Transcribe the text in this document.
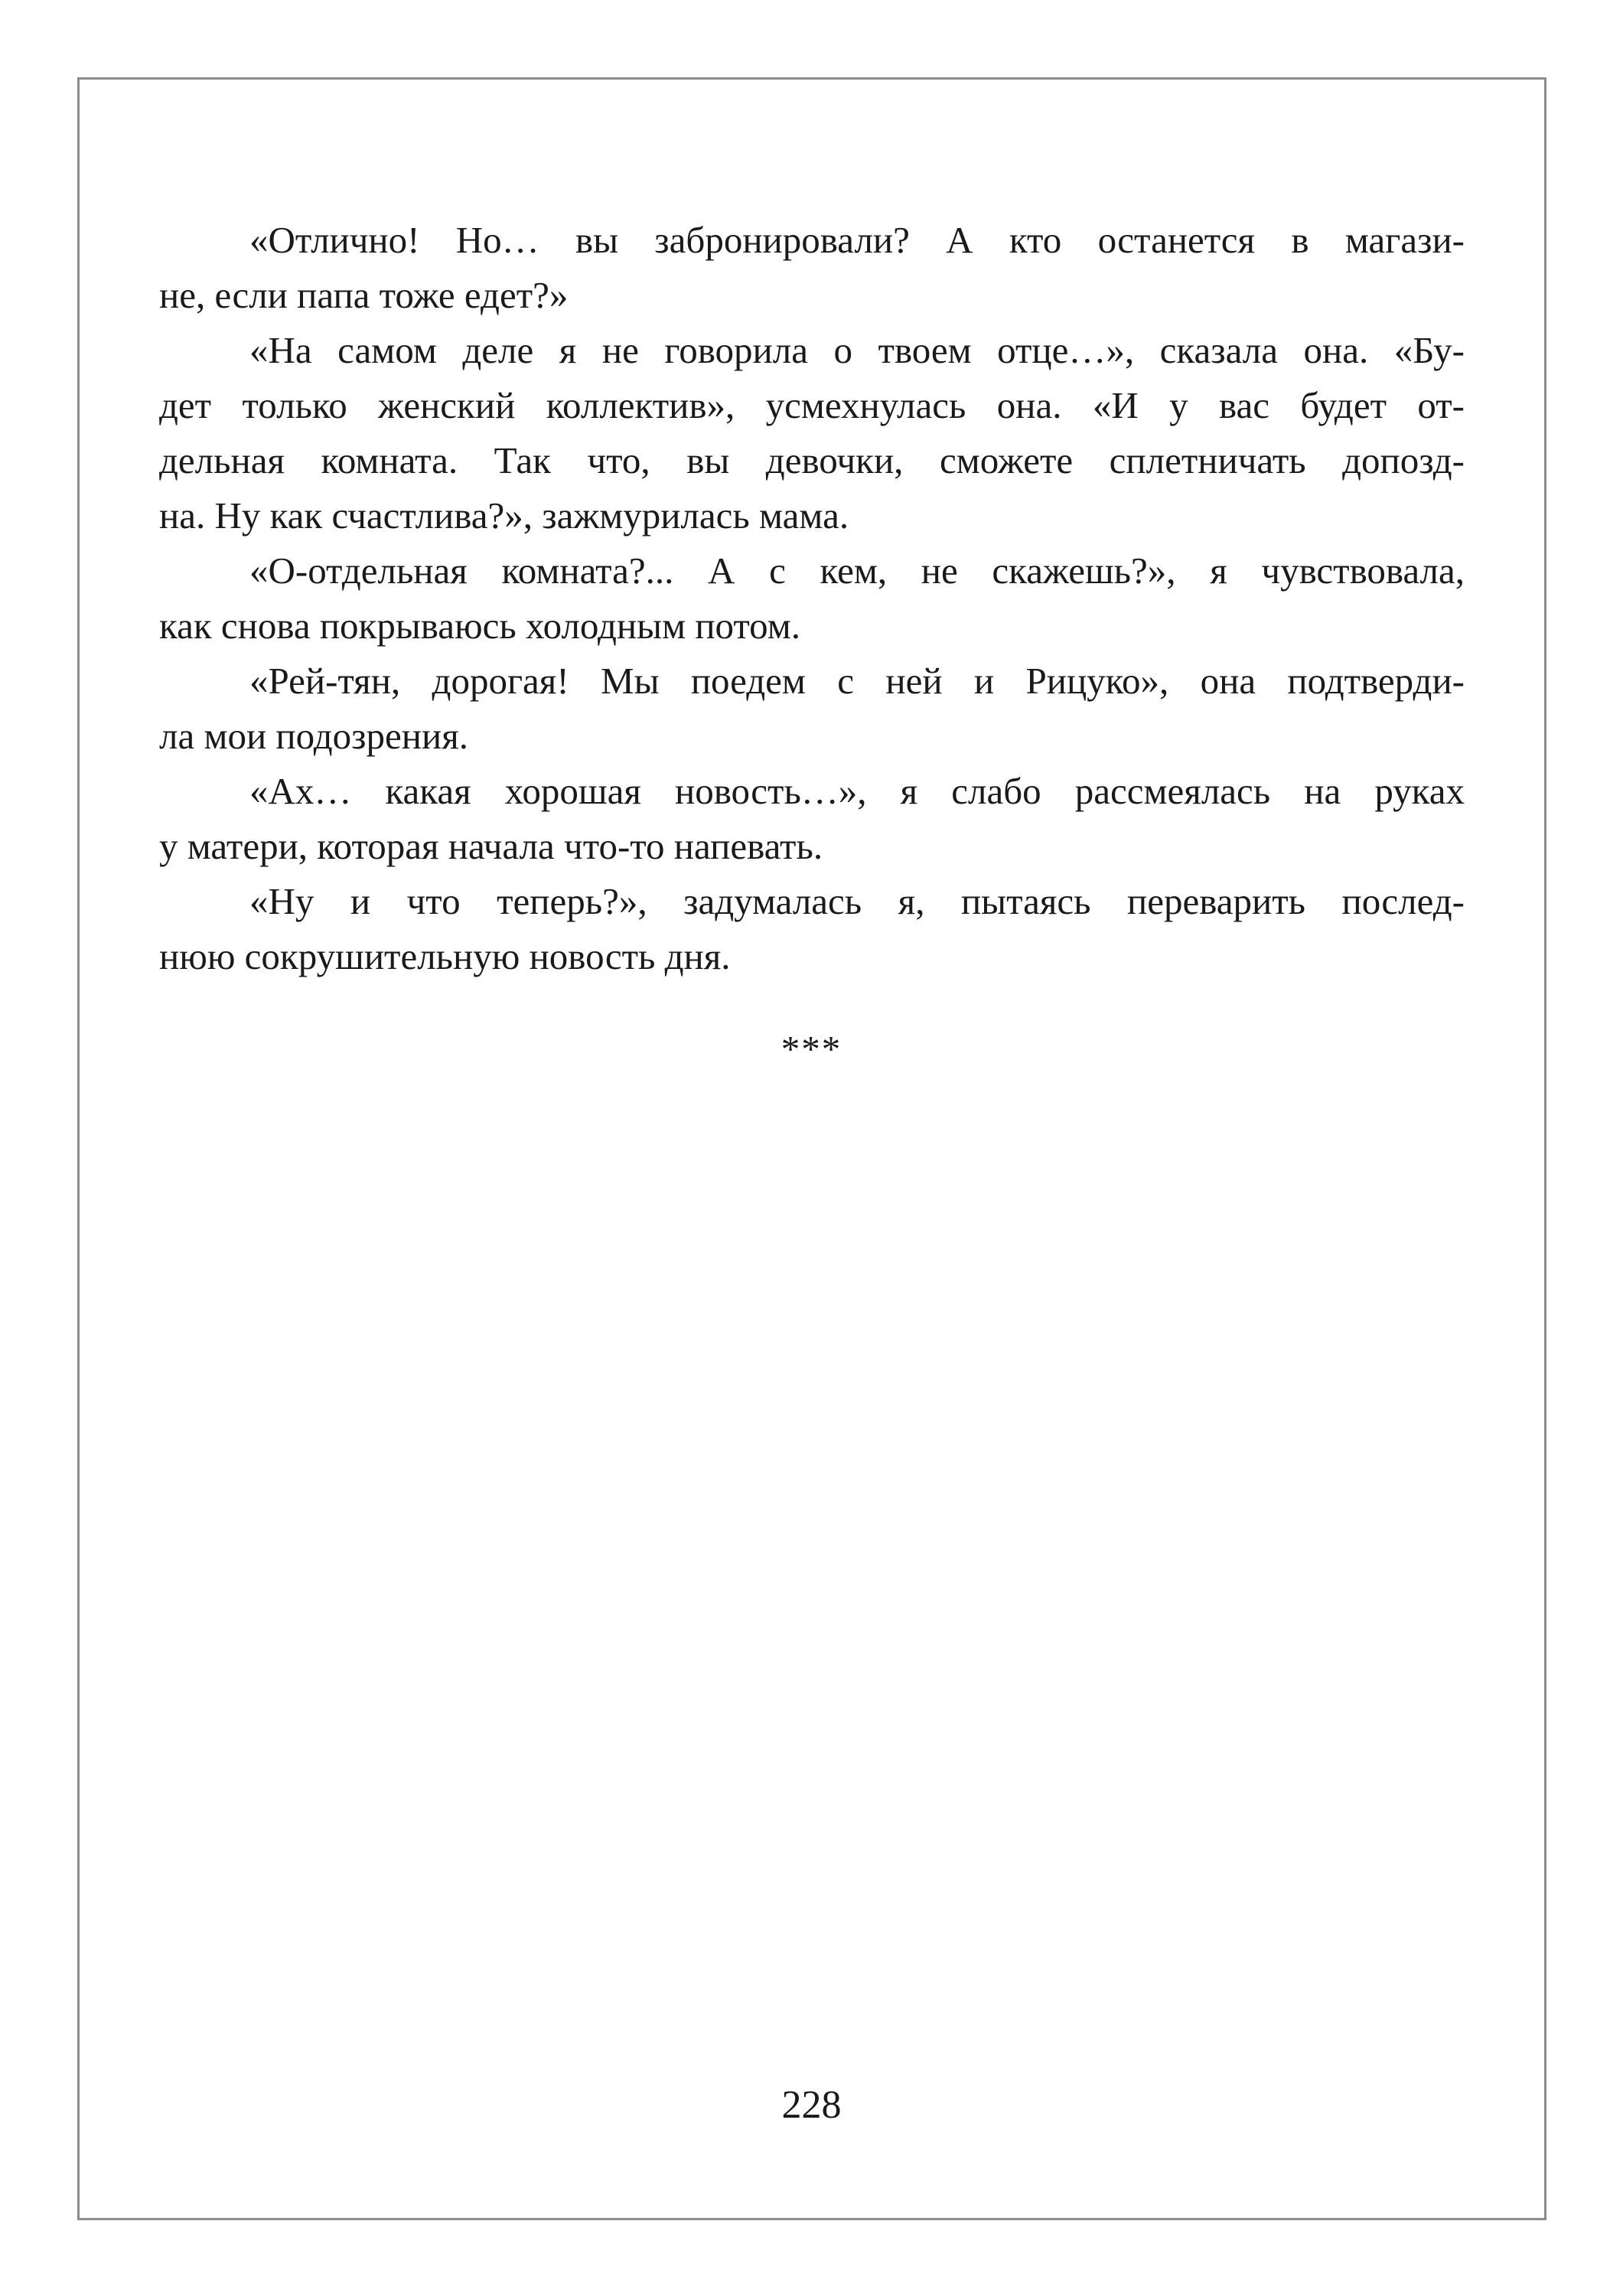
«Отлично! Но… вы забронировали? А кто останется в магази-
не, если папа тоже едет?»
«На самом деле я не говорила о твоем отце…», сказала она. «Бу-
дет только женский коллектив», усмехнулась она. «И у вас будет от-
дельная комната. Так что, вы девочки, сможете сплетничать допозд-
на. Ну как счастлива?», зажмурилась мама.
«О-отдельная комната?... А с кем, не скажешь?», я чувствовала,
как снова покрываюсь холодным потом.
«Рей-тян, дорогая! Мы поедем с ней и Рицуко», она подтверди-
ла мои подозрения.
«Ах… какая хорошая новость…», я слабо рассмеялась на руках
у матери, которая начала что-то напевать.
«Ну и что теперь?», задумалась я, пытаясь переварить послед-
нюю сокрушительную новость дня.
***
228
